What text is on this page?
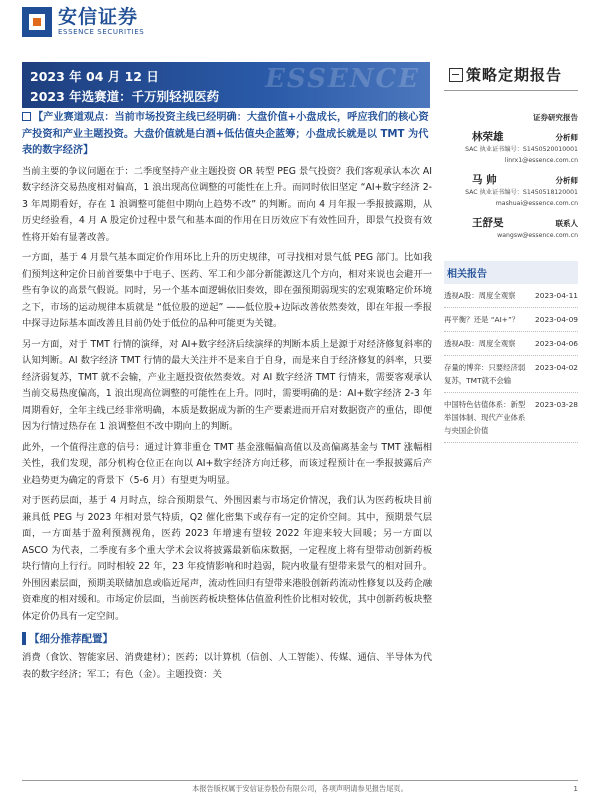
安信证券
ESSENCE SECURITIES
ESSENCE
2023 年 04 月 12 日
2023 年选赛道：千万别轻视医药
策略定期报告
【产业赛道观点：当前市场投资主线已经明确：大盘价值+小盘成长，呼应我们的核心资产投资和产业主题投资。大盘价值就是白酒+低估值央企蓝筹；小盘成长就是以 TMT 为代表的数字经济】

当前主要的争议问题在于：二季度坚持产业主题投资 OR 转型 PEG 景气投资？我们客观承认本次 AI 数字经济交易热度相对偏高，1 浪出现高位调整的可能性在上升。而同时依旧坚定 “AI+数字经济 2-3 年周期看好，存在 1 浪调整可能但中期向上趋势不改” 的判断。而向 4 月年报一季报披露期，从历史经验看，4 月 A 股定价过程中景气和基本面的作用在日历效应下有效性回升，即景气投资有效性将开始有显著改善。

一方面，基于 4 月景气基本面定价作用环比上升的历史规律，可寻找相对景气低 PEG 部门。比如我们预判这种定价日前首要集中于电子、医药、军工和少部分新能源这几个方向，相对来说也会避开一些有争议的高景气假说。同时，另一个基本面逻辑依旧奏效，即在强预期弱现实的宏观策略定价环境之下，市场的运动规律本质就是 “低位股的逆起” ——低位股+边际改善依然奏效，即在年报一季报中探寻边际基本面改善且目前仍处于低位的品种可能更为关键。

另一方面，对于 TMT 行情的演绎，对 AI+数字经济后续演绎的判断本质上是源于对经济修复斜率的认知判断。AI 数字经济 TMT 行情的最大关注并不是来自于自身，而是来自于经济修复的斜率，只要经济弱复苏，TMT 就不会输，产业主题投资依然奏效。对 AI 数字经济 TMT 行情来，需要客观承认当前交易热度偏高，1 浪出现高位调整的可能性在上升。同时，需要明确的是：AI+数字经济 2-3 年周期看好，全年主线已经非常明确，本质是数据成为新的生产要素进而开启对数据资产的重估，即便因为行情过热存在 1 浪调整但不改中期向上的判断。

此外，一个值得注意的信号：通过计算非重仓 TMT 基金涨幅偏高值以及高偏离基金与 TMT 涨幅相关性，我们发现，部分机构仓位正在向以 AI+数字经济方向迁移，而该过程预计在一季报披露后产业趋势更为确定的背景下（5-6 月）有望更为明显。

对于医药层面，基于 4 月时点，综合预期景气、外围因素与市场定价情况，我们认为医药板块目前兼具低 PEG 与 2023 年相对景气特质，Q2 催化密集下或存有一定的定价空间。其中，预期景气层面，一方面基于盈利预测视角，医药 2023 年增速有望较 2022 年迎来较大回暖；另一方面以 ASCO 为代表，二季度有多个重大学术会议将披露最新临床数据，一定程度上将有望带动创新药板块行情向上行行。同时相较 22 年，23 年疫情影响和时趋弱，院内收量有望带来景气的相对回升。外围因素层面，预期美联储加息或临近尾声，流动性回归有望带来港股创新药流动性修复以及药企融资难度的相对缓和。市场定价层面，当前医药板块整体估值盈利性价比相对较优，其中创新药板块整体定价仍具有一定空间。

【细分推荐配置】

消费（食饮、智能家居、消费建材）；医药；以计算机（信创、人工智能）、传媒、通信、半导体为代表的数字经济；军工；有色（金）。主题投资：关

证券研究报告
林荣雄	分析师
SAC 执业证书编号：S1450520010001
linrx1@essence.com.cn
马 帅	分析师
SAC 执业证书编号：S1450518120001
mashuai@essence.com.cn
王舒旻	联系人
wangsw@essence.com.cn
相关报告
透视A股：周度全观察	2023-04-11
再平衡？还是 “AI+”？	2023-04-09
透视A股：周度全观察	2023-04-06
存量的博弈：只要经济弱复苏，TMT就不会输
2023-04-02
中国特色估值体系：新型举国体制、现代产业体系与央国企价值
2023-03-28
本报告版权属于安信证券股份有限公司，各项声明请参见报告尾页。	1
